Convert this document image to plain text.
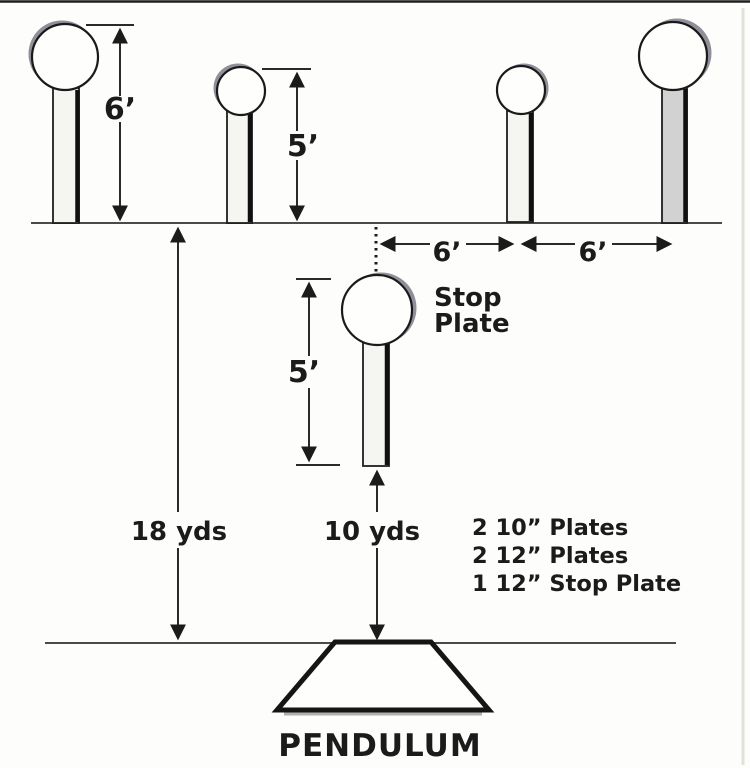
6’
5’
5’
6’	6’
18 yds	10 yds
Stop
Plate
2 10” Plates
2 12” Plates
1 12” Stop Plate
PENDULUM
